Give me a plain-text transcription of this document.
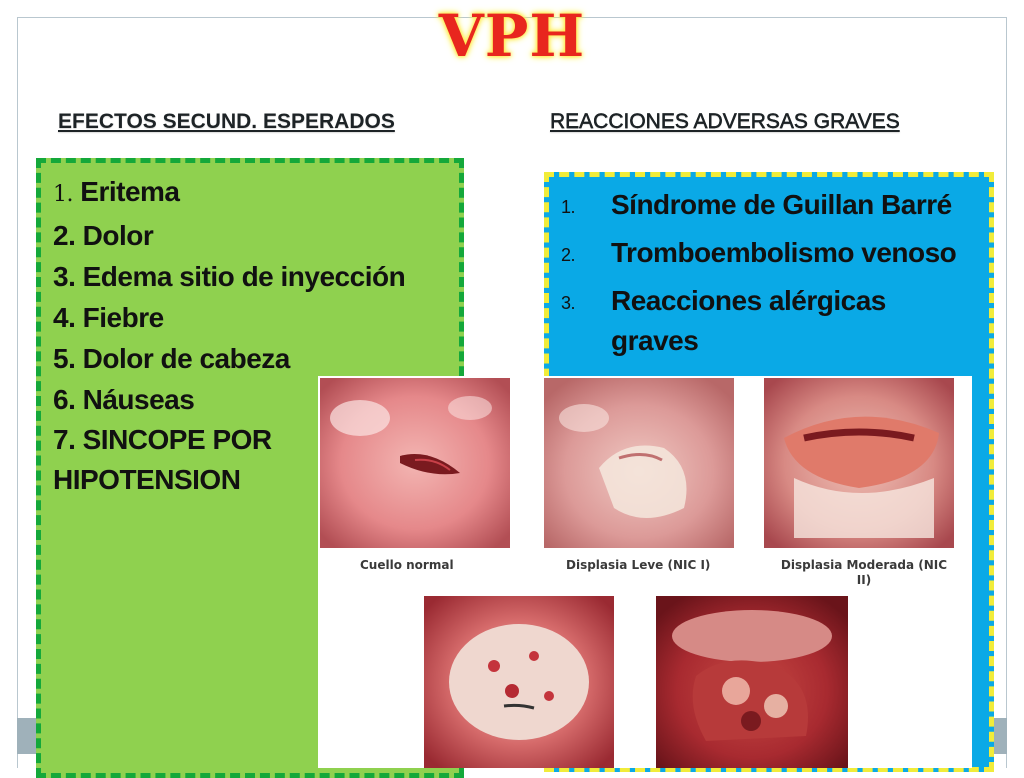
VPH
EFECTOS SECUND. ESPERADOS	REACCIONES ADVERSAS GRAVES
1. Eritema
2. Dolor
3. Edema sitio de inyección
4. Fiebre
5. Dolor de cabeza
6. Náuseas
7. SINCOPE POR HIPOTENSION
1. Síndrome de Guillan Barré
2. Tromboembolismo venoso
3. Reacciones alérgicas graves
Cuello normal	Displasia Leve (NIC I)	Displasia Moderada (NIC II)
